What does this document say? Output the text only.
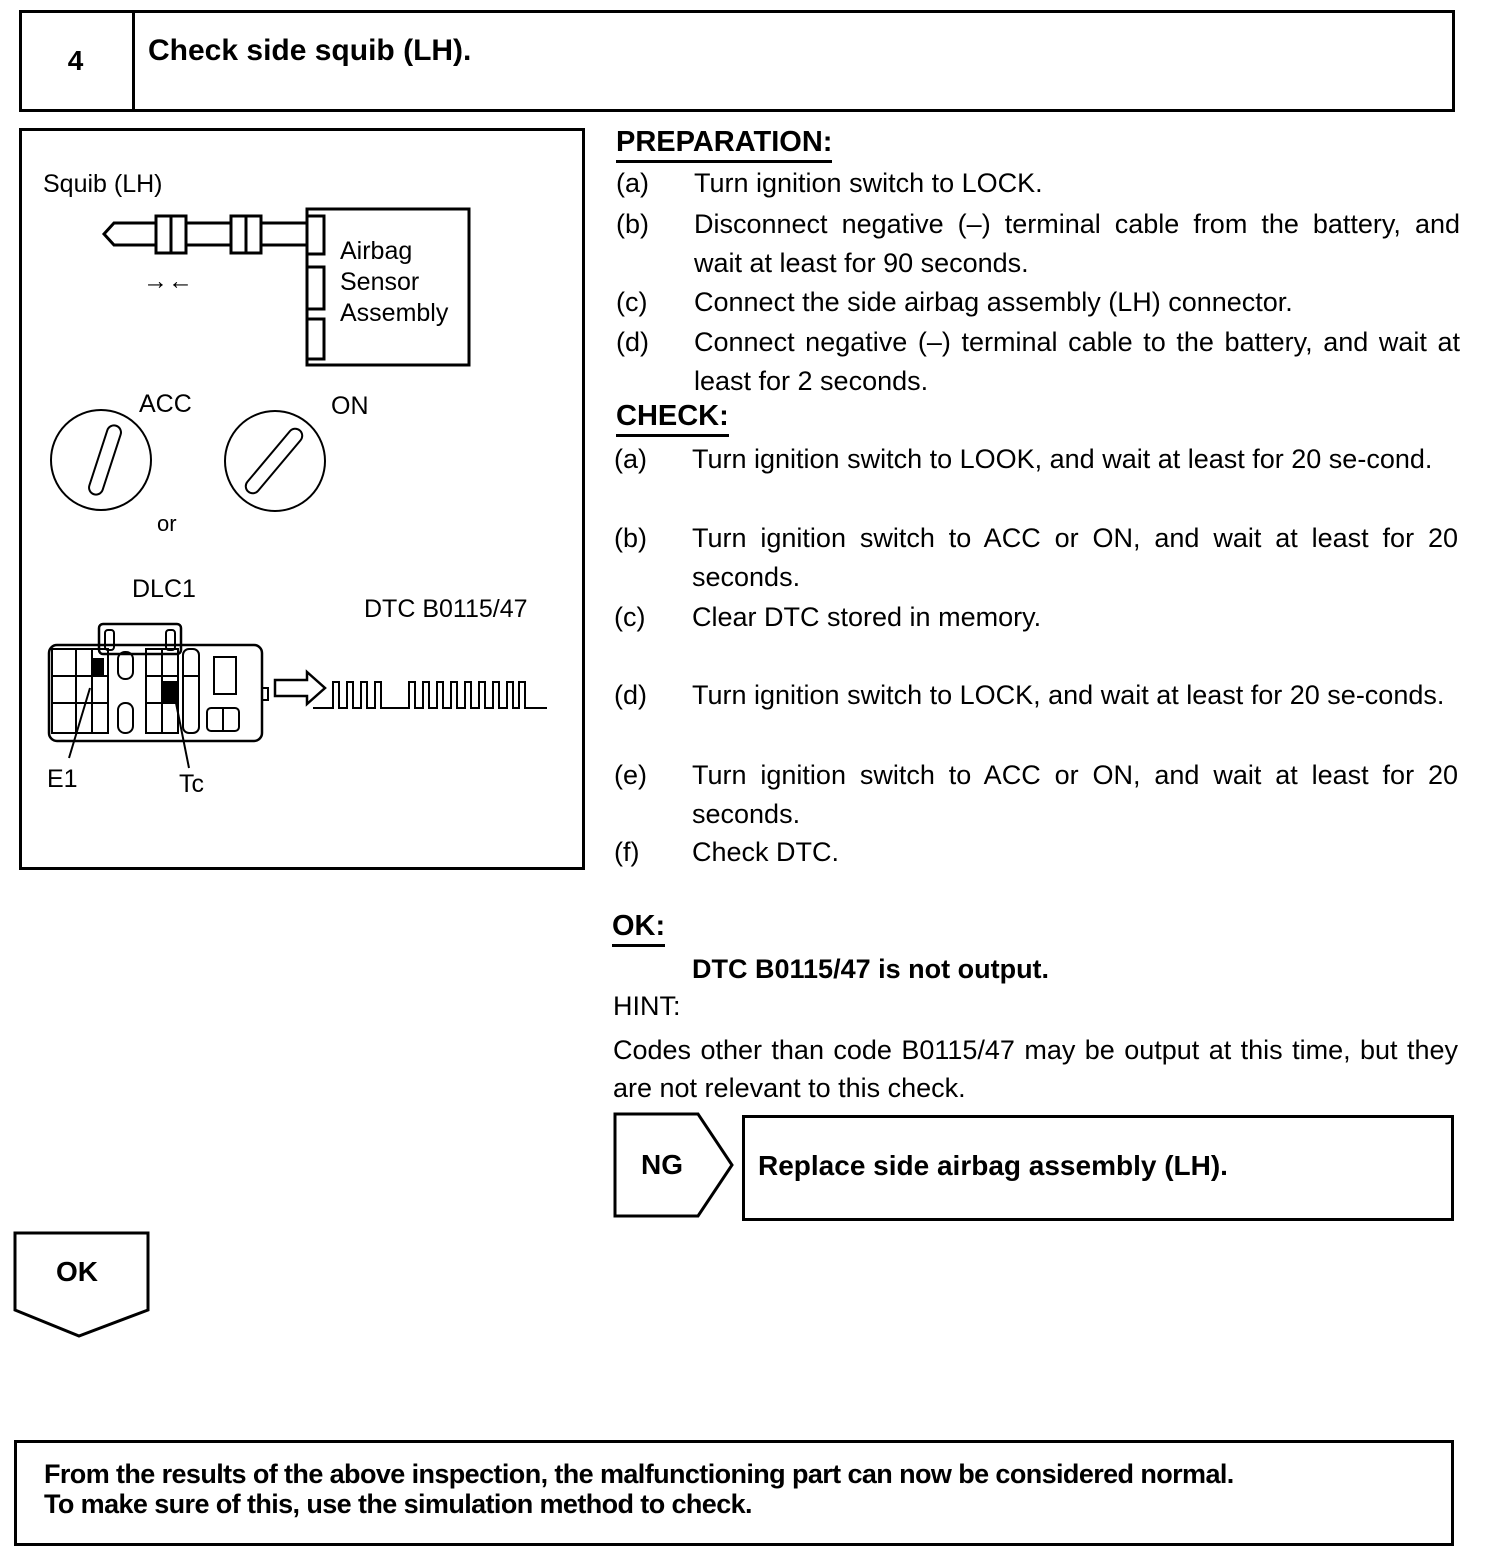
4	Check side squib (LH).
Squib (LH)
→←
Airbag
Sensor
Assembly
ACC	ON
or
DLC1
DTC B0115/47
E1	Tc
PREPARATION:
(a) Turn ignition switch to LOCK.
(b) Disconnect negative (–) terminal cable from the battery, and wait at least for 90 seconds.
(c) Connect the side airbag assembly (LH) connector.
(d) Connect negative (–) terminal cable to the battery, and wait at least for 2 seconds.
CHECK:
(a) Turn ignition switch to LOOK, and wait at least for 20 se-cond.
(b) Turn ignition switch to ACC or ON, and wait at least for 20 seconds.
(c) Clear DTC stored in memory.
(d) Turn ignition switch to LOCK, and wait at least for 20 se-conds.
(e) Turn ignition switch to ACC or ON, and wait at least for 20 seconds.
(f) Check DTC.
OK:
DTC B0115/47 is not output.
HINT:
Codes other than code B0115/47 may be output at this time, but they are not relevant to this check.
NG	Replace side airbag assembly (LH).
OK
From the results of the above inspection, the malfunctioning part can now be considered normal.
To make sure of this, use the simulation method to check.
